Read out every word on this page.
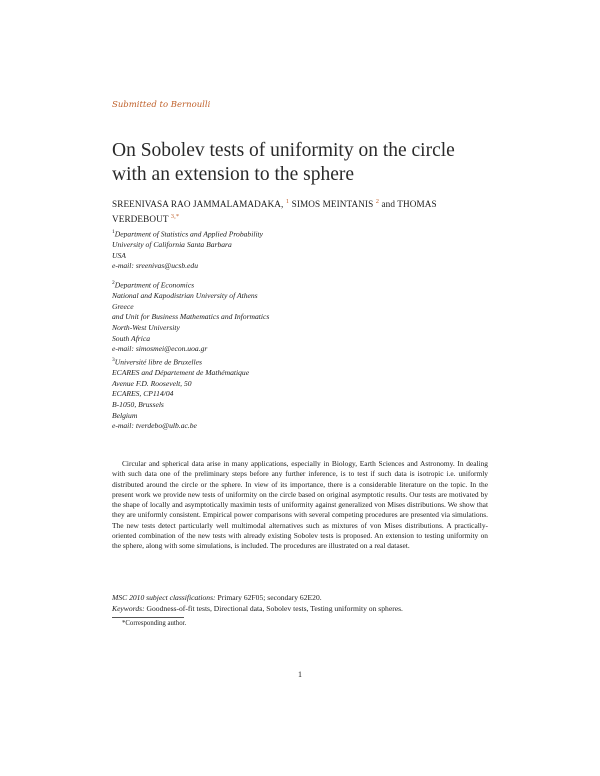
Submitted to Bernoulli
On Sobolev tests of uniformity on the circle
with an extension to the sphere
SREENIVASA RAO JAMMALAMADAKA, $^1$ SIMOS MEINTANIS $^2$ and THOMAS
VERDEBOUT $^{3,*}$
$^1$Department of Statistics and Applied Probability
University of California Santa Barbara
USA
e-mail: sreenivas@ucsb.edu
$^2$Department of Economics
National and Kapodistrian University of Athens
Greece
and Unit for Business Mathematics and Informatics
North-West University
South Africa
e-mail: simosmei@econ.uoa.gr
$^3$Université libre de Bruxelles
ECARES and Département de Mathématique
Avenue F.D. Roosevelt, 50
ECARES, CP114/04
B-1050, Brussels
Belgium
e-mail: tverdebo@ulb.ac.be
Circular and spherical data arise in many applications, especially in Biology, Earth Sciences and Astronomy. In dealing with such data one of the preliminary steps before any further inference, is to test if such data is isotropic i.e. uniformly distributed around the circle or the sphere. In view of its importance, there is a considerable literature on the topic. In the present work we provide new tests of uniformity on the circle based on original asymptotic results. Our tests are motivated by the shape of locally and asymptotically maximin tests of uniformity against generalized von Mises distributions. We show that they are uniformly consistent. Empirical power comparisons with several competing procedures are presented via simulations. The new tests detect particularly well multimodal alternatives such as mixtures of von Mises distributions. A practically-oriented combination of the new tests with already existing Sobolev tests is proposed. An extension to testing uniformity on the sphere, along with some simulations, is included. The procedures are illustrated on a real dataset.
MSC 2010 subject classifications: Primary 62F05; secondary 62E20.
Keywords: Goodness-of-fit tests, Directional data, Sobolev tests, Testing uniformity on spheres.
*Corresponding author.
1
